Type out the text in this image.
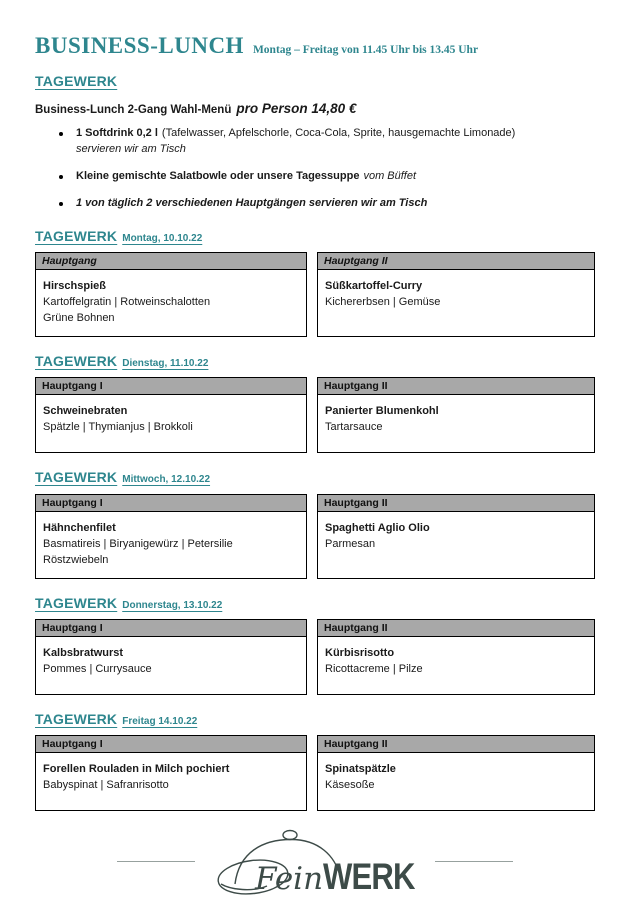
BUSINESS-LUNCH Montag – Freitag von 11.45 Uhr bis 13.45 Uhr
TAGEWERK
Business-Lunch 2-Gang Wahl-Menü pro Person 14,80 €
1 Softdrink 0,2 l (Tafelwasser, Apfelschorle, Coca-Cola, Sprite, hausgemachte Limonade)
servieren wir am Tisch
Kleine gemischte Salatbowle oder unsere Tagessuppe vom Büffet
1 von täglich 2 verschiedenen Hauptgängen servieren wir am Tisch
TAGEWERK Montag, 10.10.22
Hauptgang
Hirschspieß
Kartoffelgratin | Rotweinschalotten
Grüne Bohnen
Hauptgang II
Süßkartoffel-Curry
Kichererbsen | Gemüse
TAGEWERK Dienstag, 11.10.22
Hauptgang I
Schweinebraten
Spätzle | Thymianjus | Brokkoli
Hauptgang II
Panierter Blumenkohl
Tartarsauce
TAGEWERK Mittwoch, 12.10.22
Hauptgang I
Hähnchenfilet
Basmatireis | Biryanigewürz | Petersilie
Röstzwiebeln
Hauptgang II
Spaghetti Aglio Olio
Parmesan
TAGEWERK Donnerstag, 13.10.22
Hauptgang I
Kalbsbratwurst
Pommes | Currysauce
Hauptgang II
Kürbisrisotto
Ricottacreme | Pilze
TAGEWERK Freitag 14.10.22
Hauptgang I
Forellen Rouladen in Milch pochiert
Babyspinat | Safranrisotto
Hauptgang II
Spinatspätzle
Käsesoße
Fein WERK
